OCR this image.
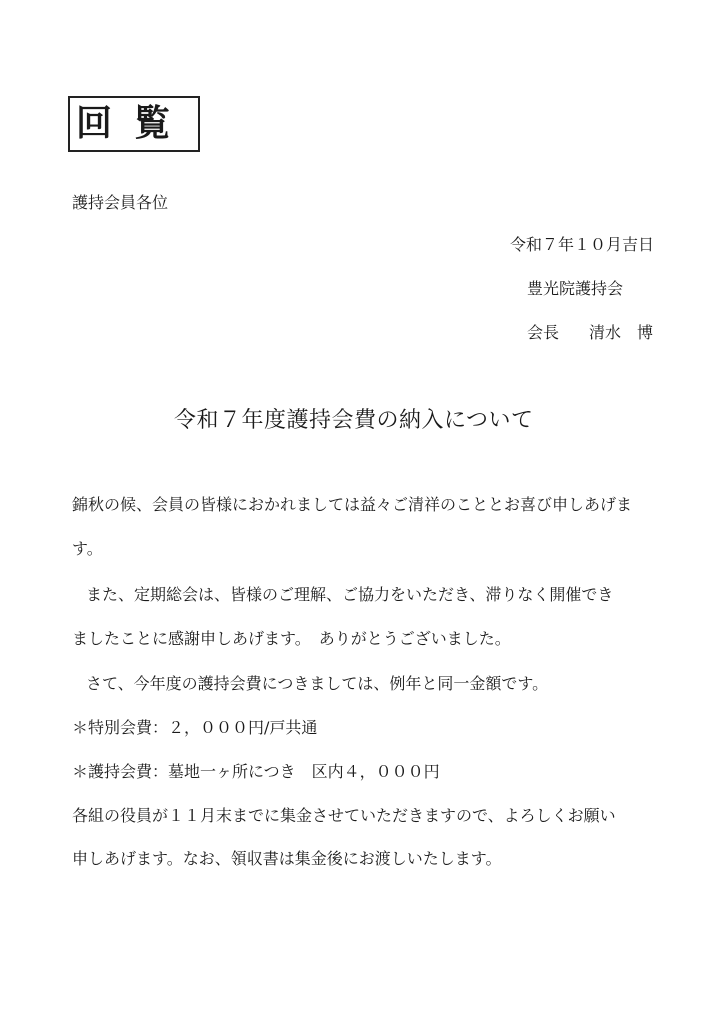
回覧
護持会員各位
令和７年１０月吉日
豊光院護持会
会長 清水　博
令和７年度護持会費の納入について
錦秋の候、会員の皆様におかれましては益々ご清祥のこととお喜び申しあげま
す。
また、定期総会は、皆様のご理解、ご協力をいただき、滞りなく開催でき
ましたことに感謝申しあげます。　ありがとうございました。
さて、今年度の護持会費につきましては、例年と同一金額です。
＊特別会費：２，０００円/戸共通
＊護持会費：墓地一ヶ所につき　区内４，０００円
各組の役員が１１月末までに集金させていただきますので、よろしくお願い
申しあげます。なお、領収書は集金後にお渡しいたします。
